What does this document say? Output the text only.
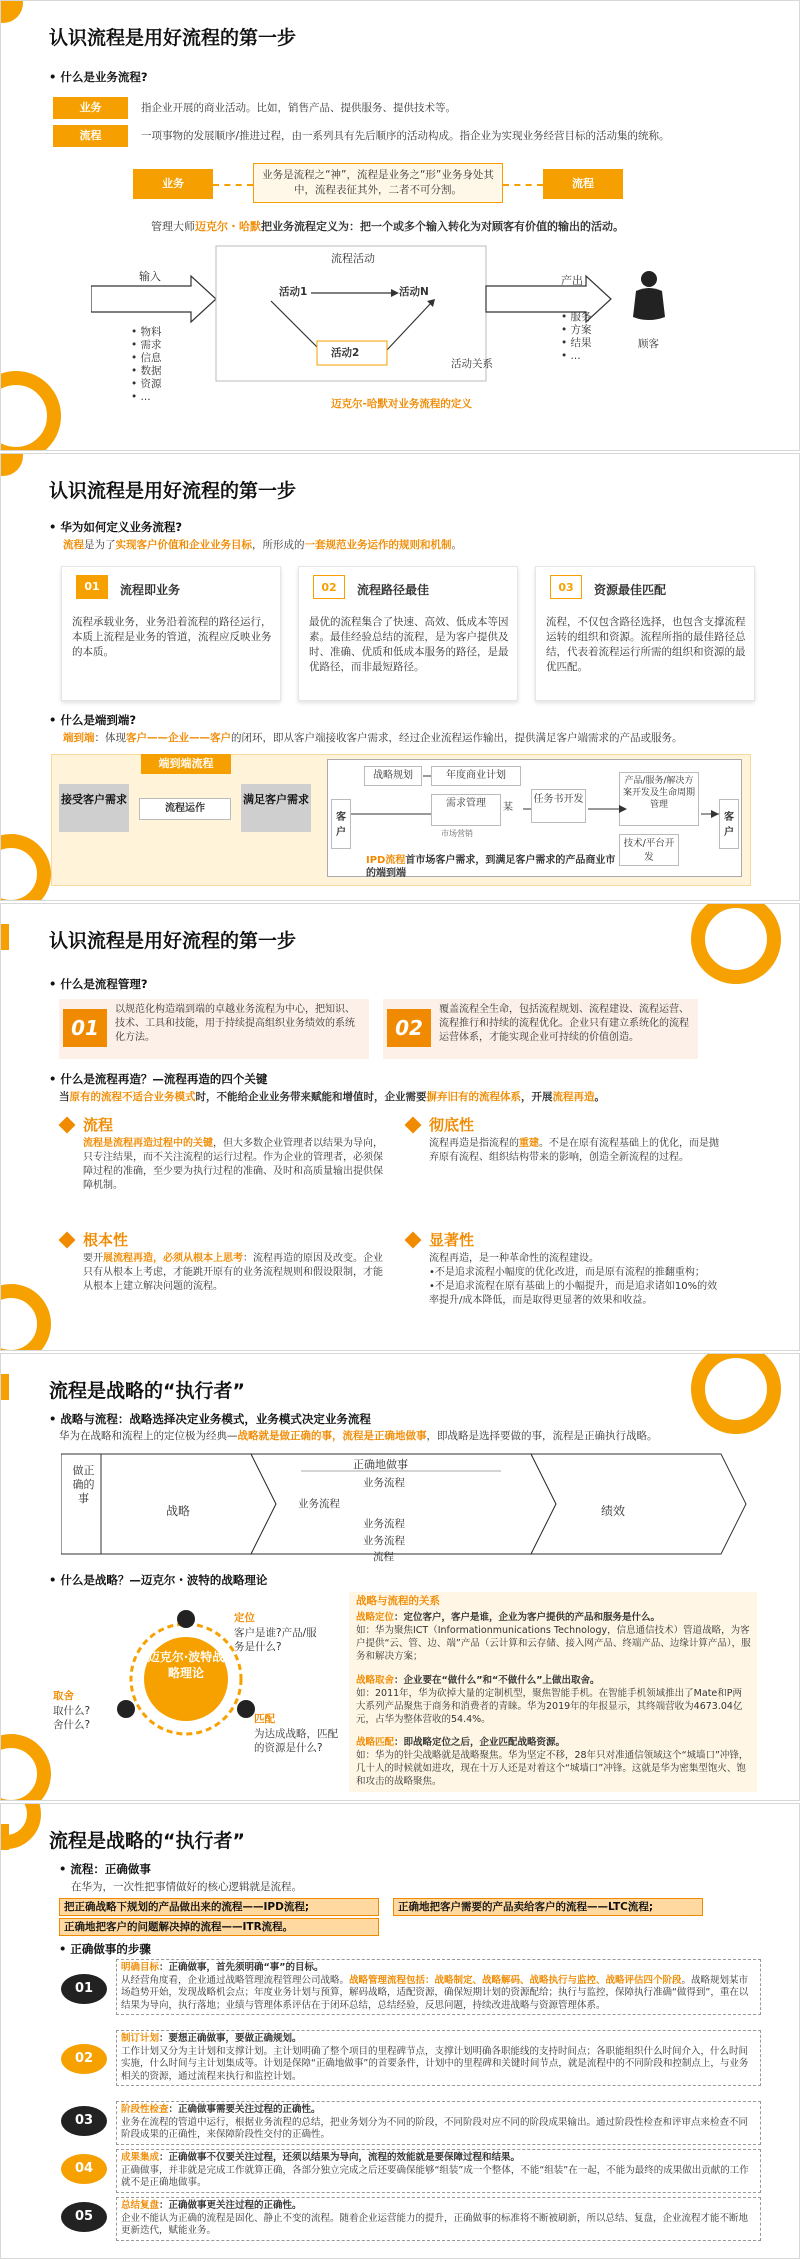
认识流程是用好流程的第一步
• 什么是业务流程?
业务	指企业开展的商业活动。比如，销售产品、提供服务、提供技术等。
流程	一项事物的发展顺序/推进过程，由一系列具有先后顺序的活动构成。指企业为实现业务经营目标的活动集的统称。
业务
业务是流程之“神”，流程是业务之“形”业务身处其中，流程表征其外，二者不可分割。	流程
管理大师迈克尔・哈默把业务流程定义为：把一个或多个输入转化为对顾客有价值的输出的活动。
输入
• 物料
• 需求
• 信息
• 数据
• 资源
• ...
流程活动
活动1	活动N
活动2
活动关系
产出
• 服务
• 方案
• 结果
• ...
顾客
迈克尔-哈默对业务流程的定义
认识流程是用好流程的第一步
• 华为如何定义业务流程?
流程是为了实现客户价值和企业业务目标，所形成的一套规范业务运作的规则和机制。
01	流程即业务
流程承载业务，业务沿着流程的路径运行，本质上流程是业务的管道，流程应反映业务的本质。
02	流程路径最佳
最优的流程集合了快速、高效、低成本等因素。最佳经验总结的流程，是为客户提供及时、准确、优质和低成本服务的路径，是最优路径，而非最短路径。
03	资源最佳匹配
流程，不仅包含路径选择，也包含支撑流程运转的组织和资源。流程所指的最佳路径总结，代表着流程运行所需的组织和资源的最优匹配。
• 什么是端到端?
端到端：体现客户——企业——客户的闭环，即从客户端接收客户需求，经过企业流程运作输出，提供满足客户端需求的产品或服务。
端到端流程
接受客户需求
流程运作
满足客户需求
客户
战略规划	年度商业计划
需求管理	某
市场营销
任务书开发
产品/服务/解决方案开发及生命周期管理
技术/平台开发
客户
IPD流程首市场客户需求，到满足客户需求的产品商业市的端到端
认识流程是用好流程的第一步
• 什么是流程管理?
01
以规范化构造端到端的卓越业务流程为中心，把知识、技术、工具和技能，用于持续提高组织业务绩效的系统化方法。	02
覆盖流程全生命，包括流程规划、流程建设、流程运营、流程推行和持续的流程优化。企业只有建立系统化的流程运营体系，才能实现企业可持续的价值创造。
• 什么是流程再造？—流程再造的四个关键
当原有的流程不适合业务模式时，不能给企业业务带来赋能和增值时，企业需要摒弃旧有的流程体系，开展流程再造。
流程
流程是流程再造过程中的关键，但大多数企业管理者以结果为导向，只专注结果，而不关注流程的运行过程。作为企业的管理者，必须保障过程的准确，至少要为执行过程的准确、及时和高质量输出提供保障机制。
彻底性
流程再造是指流程的重建。不是在原有流程基础上的优化，而是抛弃原有流程、组织结构带来的影响，创造全新流程的过程。
根本性
要开展流程再造，必须从根本上思考：流程再造的原因及改变。企业只有从根本上考虑，才能跳开原有的业务流程规则和假设限制，才能从根本上建立解决问题的流程。
显著性
流程再造，是一种革命性的流程建设。
•不是追求流程小幅度的优化改进，而是原有流程的推翻重构；
•不是追求流程在原有基础上的小幅提升，而是追求诸如10%的效率提升/成本降低，而是取得更显著的效果和收益。
流程是战略的“执行者”
• 战略与流程：战略选择决定业务模式，业务模式决定业务流程
华为在战略和流程上的定位极为经典—战略就是做正确的事，流程是正确地做事，即战略是选择要做的事，流程是正确执行战略。
做正确的事
战略
正确地做事
业务流程
业务流程
业务流程
业务流程
流程
绩效
• 什么是战略？—迈克尔・波特的战略理论
迈克尔·波特战略理论
定位
客户是谁?产品/服务是什么?
取舍
取什么?舍什么?	匹配
为达成战略，匹配的资源是什么?
战略与流程的关系
战略定位：定位客户，客户是谁，企业为客户提供的产品和服务是什么。
如：华为聚焦ICT（Informationmunications Technology，信息通信技术）管道战略，为客户提供“云、管、边、端”产品（云计算和云存储、接入网产品、终端产品、边缘计算产品），服务和解决方案；
战略取舍：企业要在“做什么”和“不做什么”上做出取舍。
如：2011年，华为砍掉大量的定制机型，聚焦智能手机。在智能手机领域推出了Mate和P两大系列产品聚焦于商务和消费者的青睐。华为2019年的年报显示，其终端营收为4673.04亿元，占华为整体营收的54.4%。
战略匹配：即战略定位之后，企业匹配战略资源。
如：华为的针尖战略就是战略聚焦。华为坚定不移，28年只对准通信领域这个“城墙口”冲锋，几十人的时候就如进攻，现在十万人还是对着这个“城墙口”冲锋。这就是华为密集型饱火、饱和攻击的战略聚焦。
流程是战略的“执行者”
• 流程：正确做事
在华为，一次性把事情做好的核心逻辑就是流程。
把正确战略下规划的产品做出来的流程——IPD流程;	正确地把客户需要的产品卖给客户的流程——LTC流程;
正确地把客户的问题解决掉的流程——ITR流程。
• 正确做事的步骤
01
明确目标：正确做事，首先须明确“事”的目标。
从经营角度看，企业通过战略管理流程管理公司战略。战略管理流程包括：战略制定、战略解码、战略执行与监控、战略评估四个阶段。战略规划某市场趋势开始，发现战略机会点；年度业务计划与预算，解码战略，适配资源，确保短期计划的资源配给；执行与监控，保障执行准确“做得到”，重在以结果为导向，执行落地；业绩与管理体系评估在于闭环总结，总结经验，反思问题，持续改进战略与资源管理体系。
02
制订计划：要想正确做事，要做正确规划。
工作计划又分为主计划和支撑计划。主计划明确了整个项目的里程碑节点，支撑计划明确各职能线的支持时间点；各职能组织什么时间介入，什么时间实施，什么时间与主计划集成等。计划是保障“正确地做事”的首要条件，计划中的里程碑和关键时间节点，就是流程中的不同阶段和控制点上，与业务相关的资源，通过流程来执行和监控计划。
03
阶段性检查：正确做事需要关注过程的正确性。
业务在流程的管道中运行，根据业务流程的总结，把业务划分为不同的阶段，不同阶段对应不同的阶段成果输出。通过阶段性检查和评审点来检查不同阶段成果的正确性，来保障阶段性交付的正确性。
04
成果集成：正确做事不仅要关注过程，还须以结果为导向，流程的效能就是要保障过程和结果。
正确做事，并非就是完成工作就算正确，各部分独立完成之后还要确保能够“组装”成一个整体，不能“组装”在一起，不能为最终的成果做出贡献的工作就不是正确地做事。
05
总结复盘：正确做事更关注过程的正确性。
企业不能认为正确的流程是固化、静止不变的流程。随着企业运营能力的提升，正确做事的标准将不断被刷新，所以总结、复盘，企业流程才能不断地更新迭代，赋能业务。
